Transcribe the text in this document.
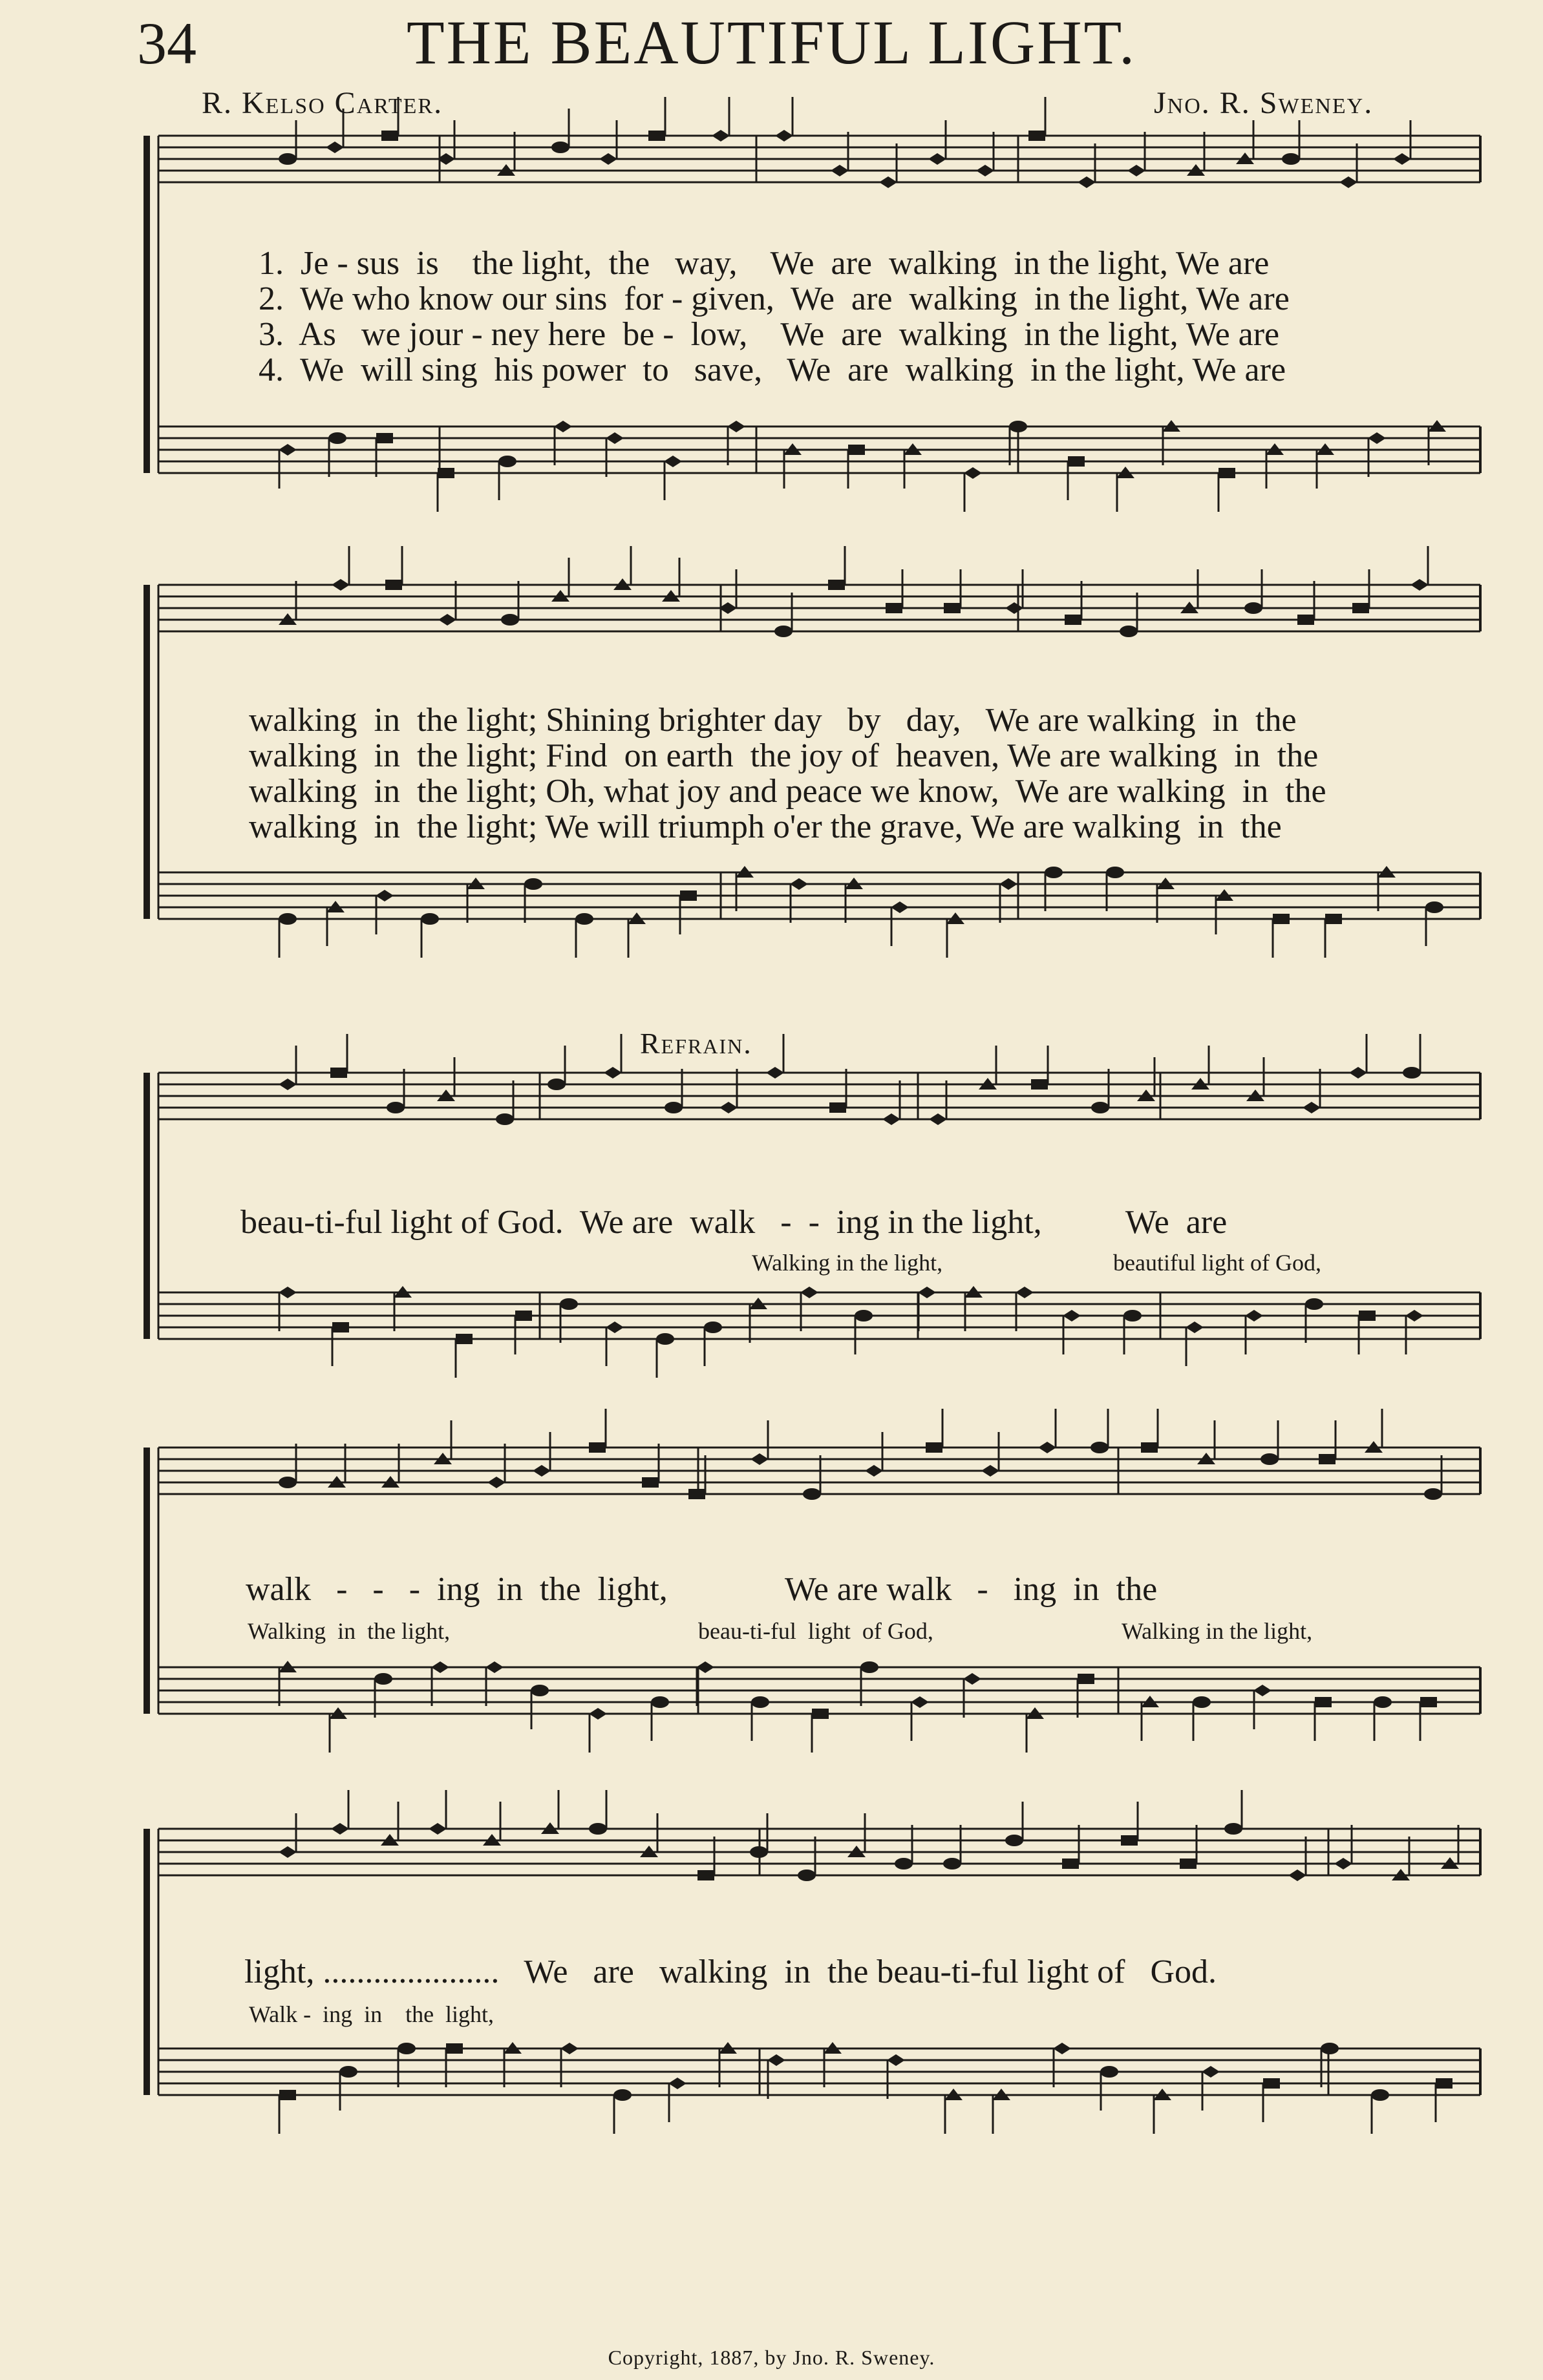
34	THE BEAUTIFUL LIGHT.
R. Kelso Carter.	Jno. R. Sweney.
1.  Je - sus  is    the light,  the   way,    We  are  walking  in the light, We are
2.  We who know our sins  for - given,  We  are  walking  in the light, We are
3.  As   we jour - ney here  be -  low,    We  are  walking  in the light, We are
4.  We  will sing  his power  to   save,   We  are  walking  in the light, We are
walking  in  the light; Shining brighter day   by   day,   We are walking  in  the
walking  in  the light; Find  on earth  the joy of  heaven, We are walking  in  the
walking  in  the light; Oh, what joy and peace we know,  We are walking  in  the
walking  in  the light; We will triumph o'er the grave, We are walking  in  the
Refrain.
beau-ti-ful light of God.  We are  walk   -  -  ing in the light,          We  are
Walking in the light,	beautiful light of God,
walk   -   -   -  ing  in  the  light,              We are walk   -   ing  in  the
Walking  in  the light,	beau-ti-ful  light  of God,	Walking in the light,
light, .....................   We   are   walking  in  the beau-ti-ful light of   God.
Walk -  ing  in    the  light,
Copyright, 1887, by Jno. R. Sweney.
